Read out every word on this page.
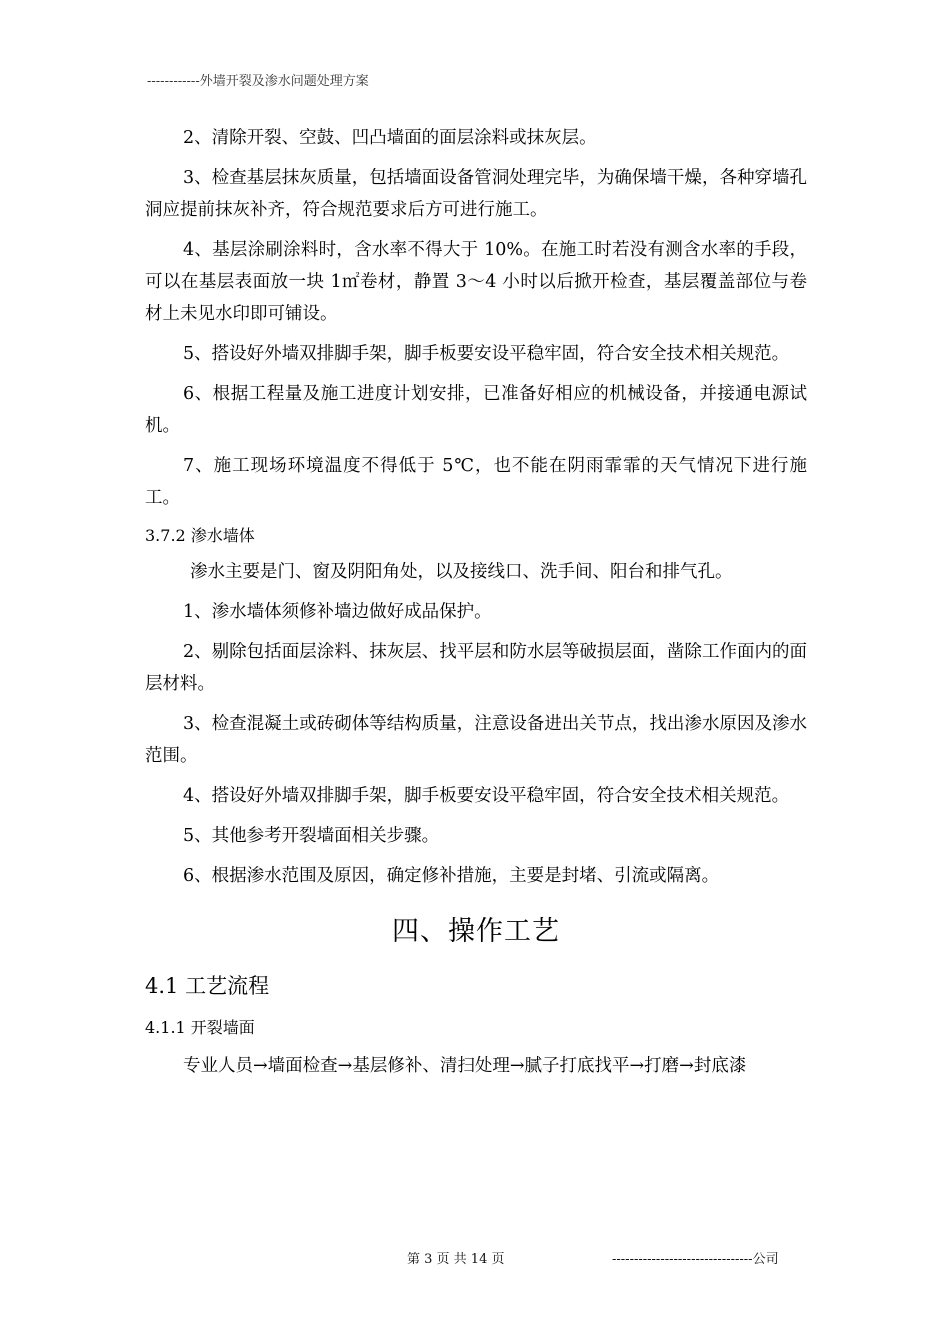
------------外墙开裂及渗水问题处理方案

2、清除开裂、空鼓、凹凸墙面的面层涂料或抹灰层。

3、检查基层抹灰质量，包括墙面设备管洞处理完毕，为确保墙干燥，各种穿墙孔洞应提前抹灰补齐，符合规范要求后方可进行施工。

4、基层涂刷涂料时，含水率不得大于 10%。在施工时若没有测含水率的手段，可以在基层表面放一块 1㎡卷材，静置 3～4 小时以后掀开检查，基层覆盖部位与卷材上未见水印即可铺设。

5、搭设好外墙双排脚手架，脚手板要安设平稳牢固，符合安全技术相关规范。

6、根据工程量及施工进度计划安排，已准备好相应的机械设备，并接通电源试机。

7、施工现场环境温度不得低于 5℃，也不能在阴雨霏霏的天气情况下进行施工。

3.7.2 渗水墙体

渗水主要是门、窗及阴阳角处，以及接线口、洗手间、阳台和排气孔。

1、渗水墙体须修补墙边做好成品保护。

2、剔除包括面层涂料、抹灰层、找平层和防水层等破损层面，凿除工作面内的面层材料。

3、检查混凝土或砖砌体等结构质量，注意设备进出关节点，找出渗水原因及渗水范围。

4、搭设好外墙双排脚手架，脚手板要安设平稳牢固，符合安全技术相关规范。

5、其他参考开裂墙面相关步骤。

6、根据渗水范围及原因，确定修补措施，主要是封堵、引流或隔离。

四、操作工艺
4.1 工艺流程
4.1.1 开裂墙面

专业人员→墙面检查→基层修补、清扫处理→腻子打底找平→打磨→封底漆

第 3 页 共 14 页	--------------------------------公司
